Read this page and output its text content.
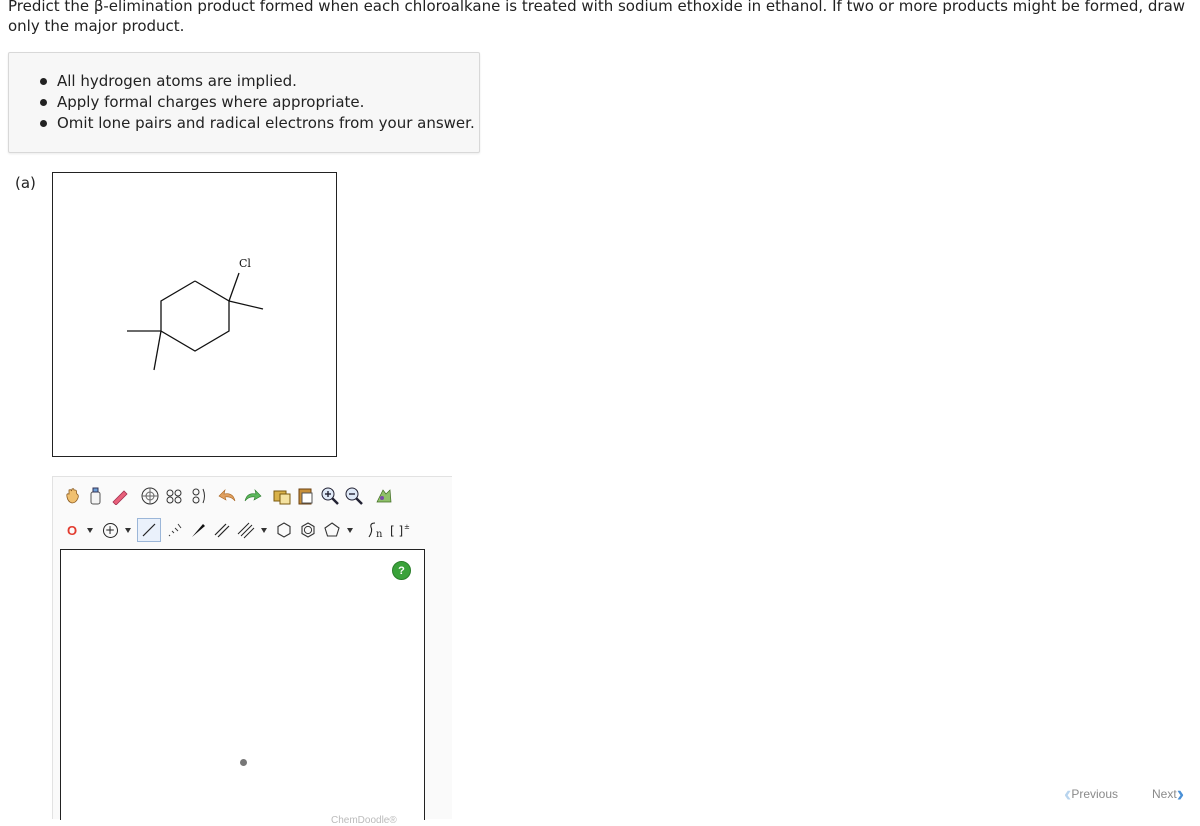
Predict the β-elimination product formed when each chloroalkane is treated with sodium ethoxide in ethanol. If two or more products might be formed, draw only the major product.
All hydrogen atoms are implied.
Apply formal charges where appropriate.
Omit lone pairs and radical electrons from your answer.
(a)
Cl
O +	n [ ] ±
?
ChemDoodle®
‹ Previous	Next ›
